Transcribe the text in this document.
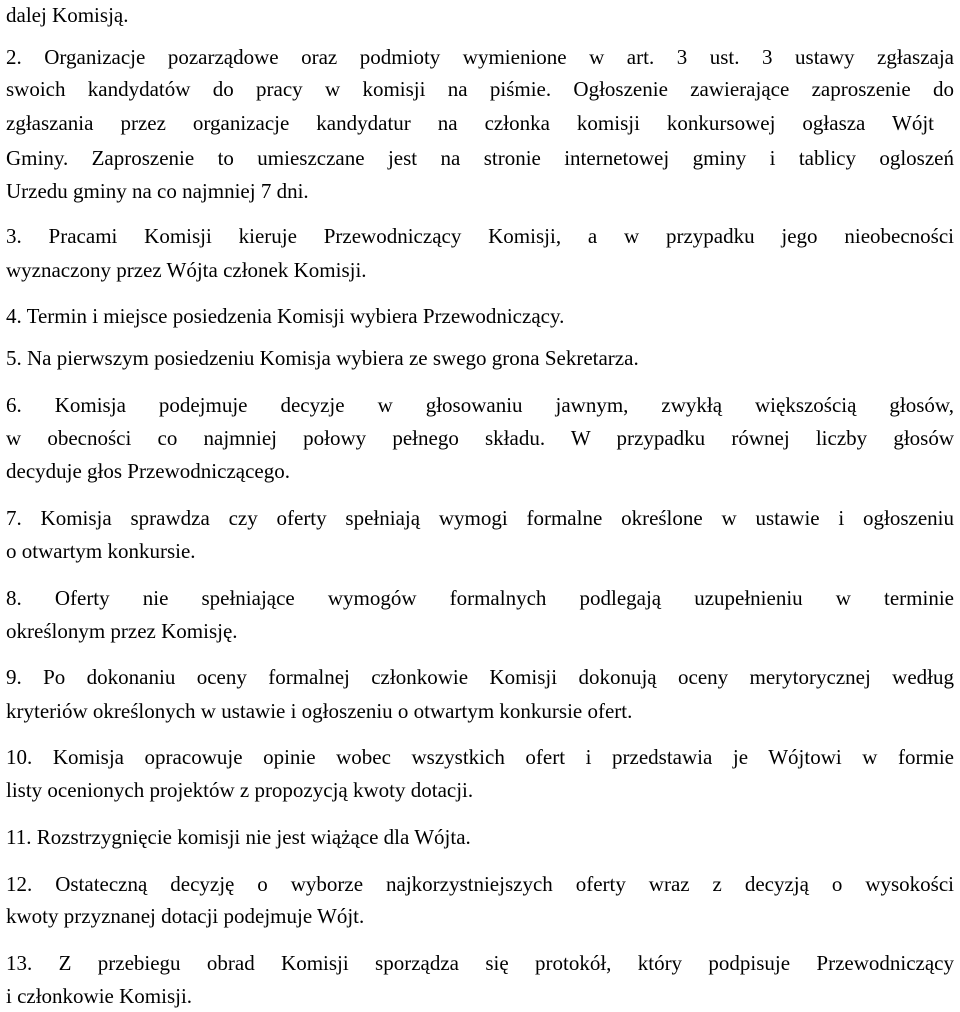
dalej Komisją.
2. Organizacje pozarządowe oraz podmioty wymienione w art. 3 ust. 3 ustawy zgłaszaja
swoich kandydatów do pracy w komisji na piśmie. Ogłoszenie zawierające zaproszenie do
zgłaszania przez organizacje kandydatur na członka komisji konkursowej ogłasza Wójt
Gminy. Zaproszenie to umieszczane jest na stronie internetowej gminy i tablicy ogloszeń
Urzedu gminy na co najmniej 7 dni.
3. Pracami Komisji kieruje Przewodniczący Komisji, a w przypadku jego nieobecności
wyznaczony przez Wójta członek Komisji.
4. Termin i miejsce posiedzenia Komisji wybiera Przewodniczący.
5. Na pierwszym posiedzeniu Komisja wybiera ze swego grona Sekretarza.
6. Komisja podejmuje decyzje w głosowaniu jawnym, zwykłą większością głosów,
w obecności co najmniej połowy pełnego składu. W przypadku równej liczby głosów
decyduje głos Przewodniczącego.
7. Komisja sprawdza czy oferty spełniają wymogi formalne określone w ustawie i ogłoszeniu
o otwartym konkursie.
8. Oferty nie spełniające wymogów formalnych podlegają uzupełnieniu w terminie
określonym przez Komisję.
9. Po dokonaniu oceny formalnej członkowie Komisji dokonują oceny merytorycznej według
kryteriów określonych w ustawie i ogłoszeniu o otwartym konkursie ofert.
10. Komisja opracowuje opinie wobec wszystkich ofert i przedstawia je Wójtowi w formie
listy ocenionych projektów z propozycją kwoty dotacji.
11. Rozstrzygnięcie komisji nie jest wiążące dla Wójta.
12. Ostateczną decyzję o wyborze najkorzystniejszych oferty wraz z decyzją o wysokości
kwoty przyznanej dotacji podejmuje Wójt.
13. Z przebiegu obrad Komisji sporządza się protokół, który podpisuje Przewodniczący
i członkowie Komisji.
